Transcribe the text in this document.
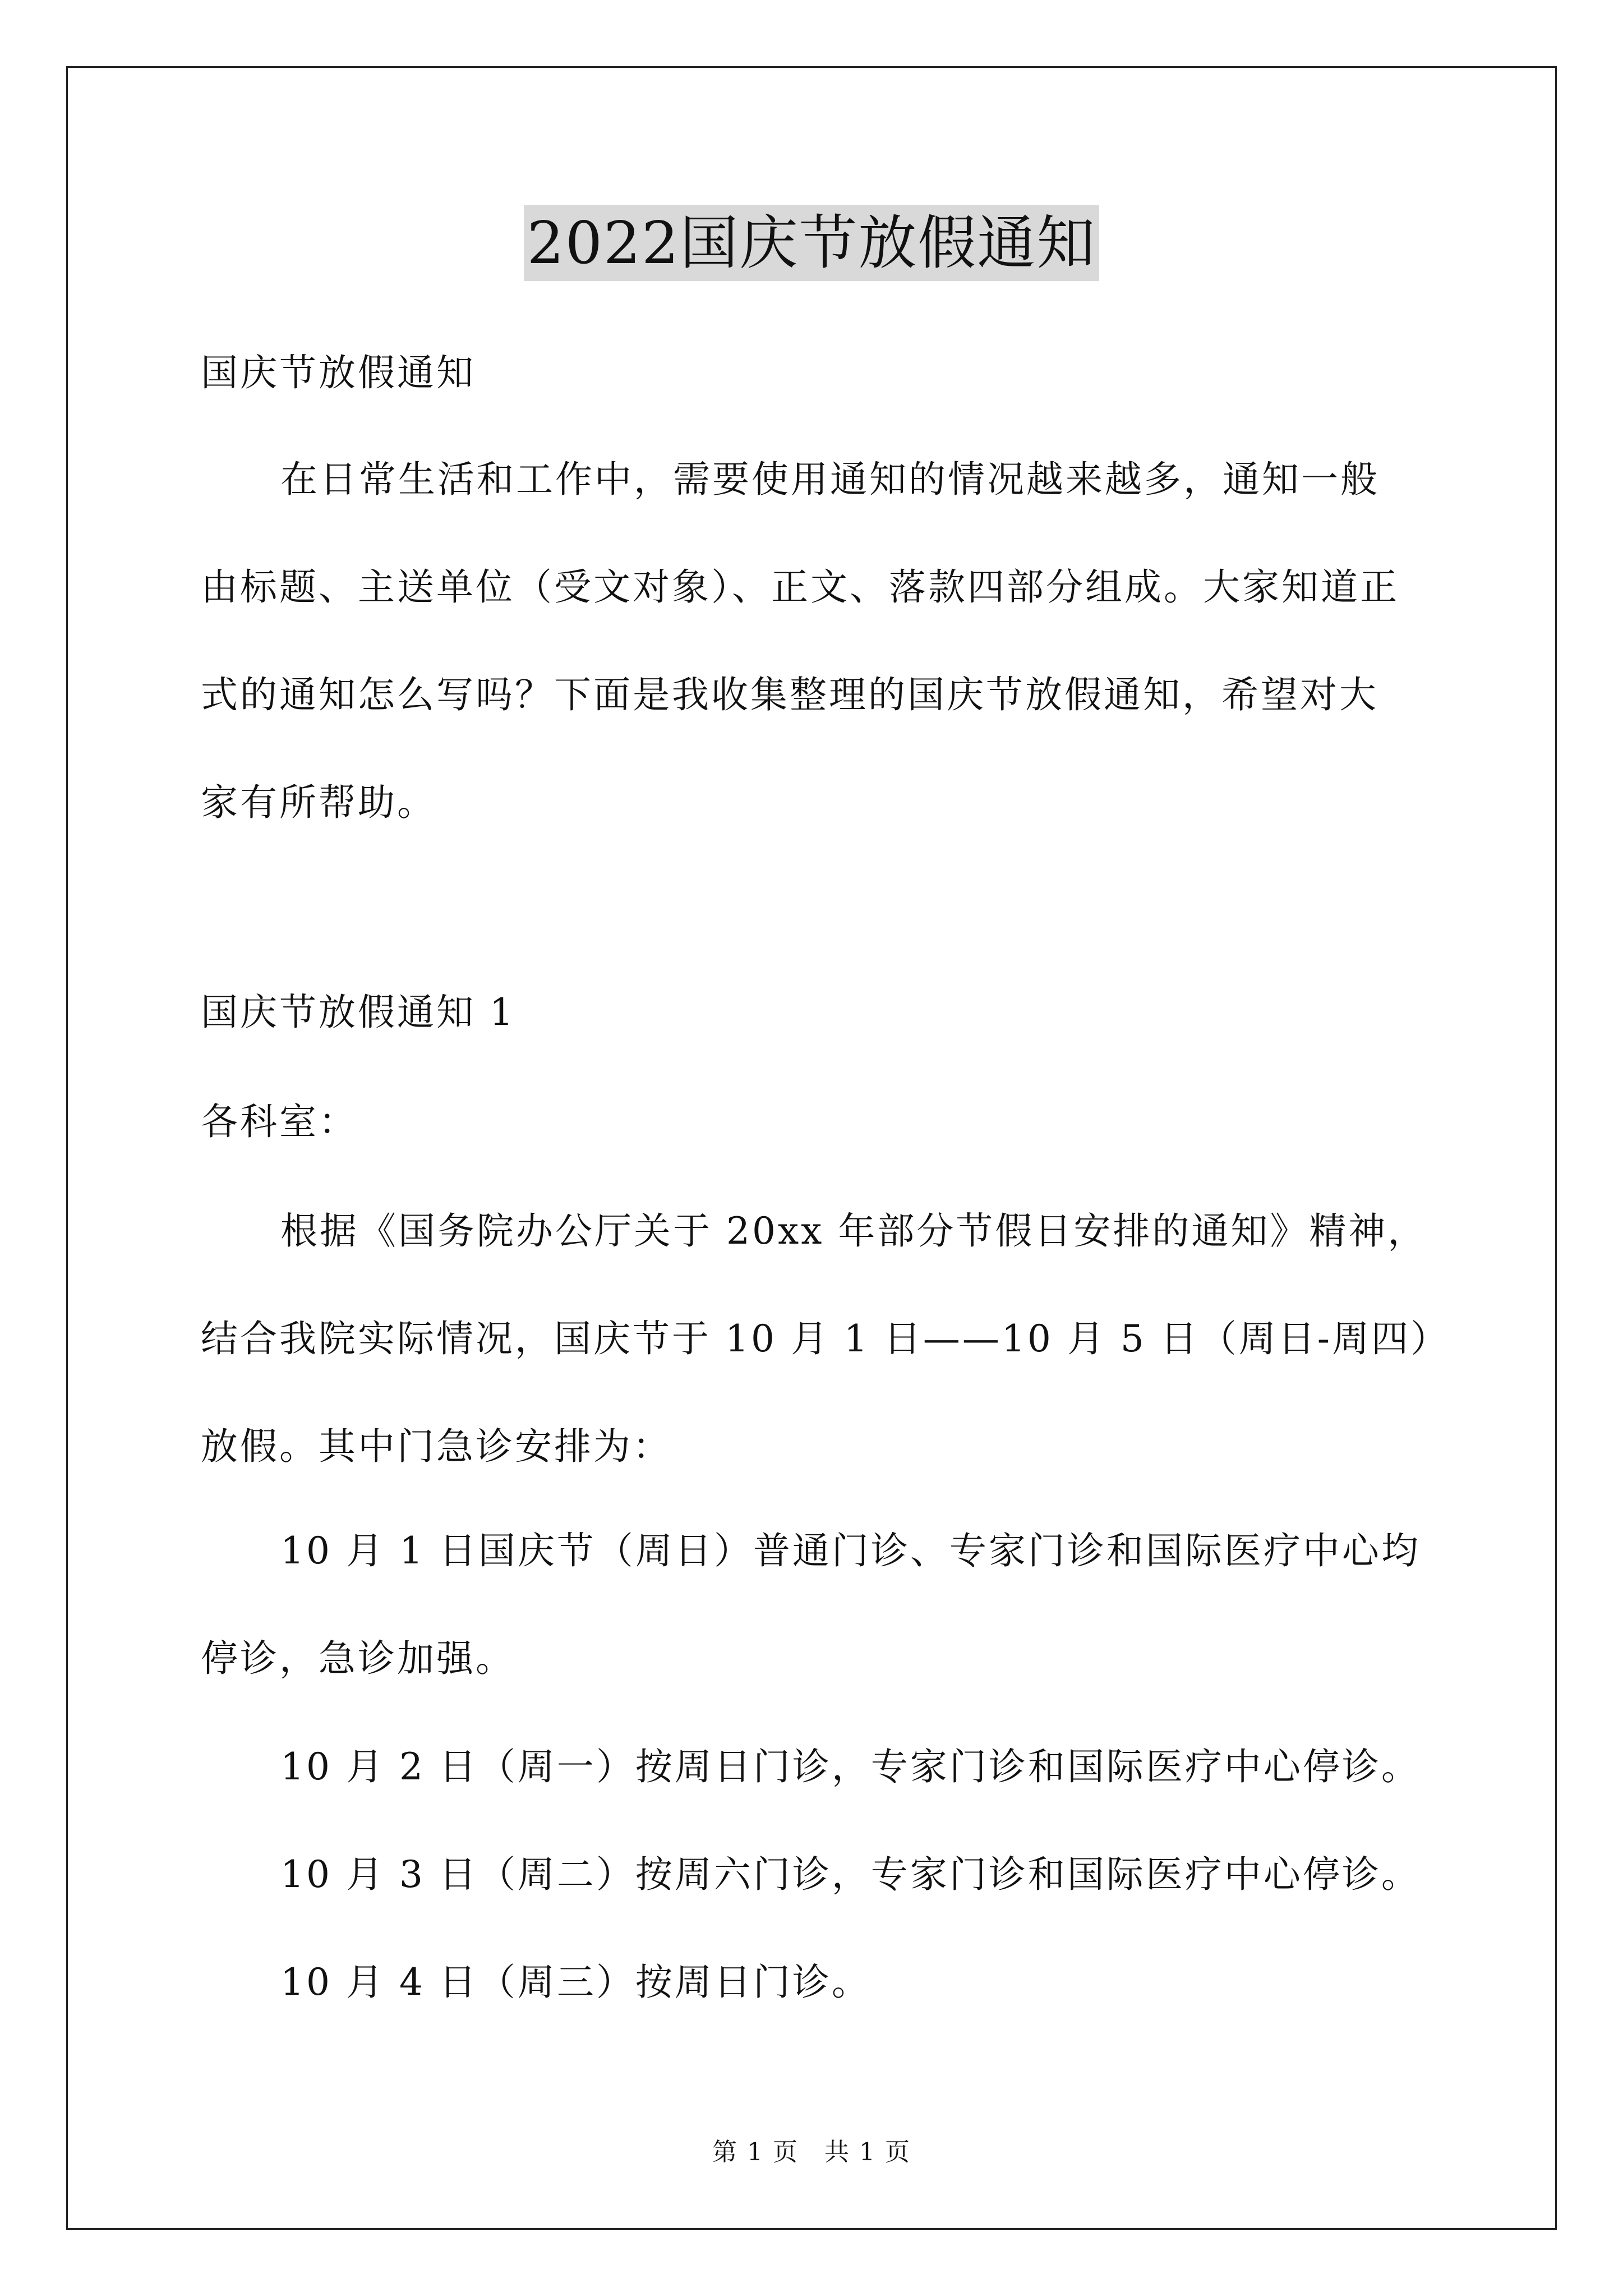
2022国庆节放假通知
国庆节放假通知
在日常生活和工作中，需要使用通知的情况越来越多，通知一般
由标题、主送单位（受文对象）、正文、落款四部分组成。大家知道正
式的通知怎么写吗？下面是我收集整理的国庆节放假通知，希望对大
家有所帮助。
国庆节放假通知 1
各科室：
根据《国务院办公厅关于 20xx 年部分节假日安排的通知》精神，
结合我院实际情况，国庆节于 10 月 1 日——10 月 5 日（周日-周四）
放假。其中门急诊安排为：
10 月 1 日国庆节（周日）普通门诊、专家门诊和国际医疗中心均
停诊，急诊加强。
10 月 2 日（周一）按周日门诊，专家门诊和国际医疗中心停诊。
10 月 3 日（周二）按周六门诊，专家门诊和国际医疗中心停诊。
10 月 4 日（周三）按周日门诊。
第 1 页　共 1 页
